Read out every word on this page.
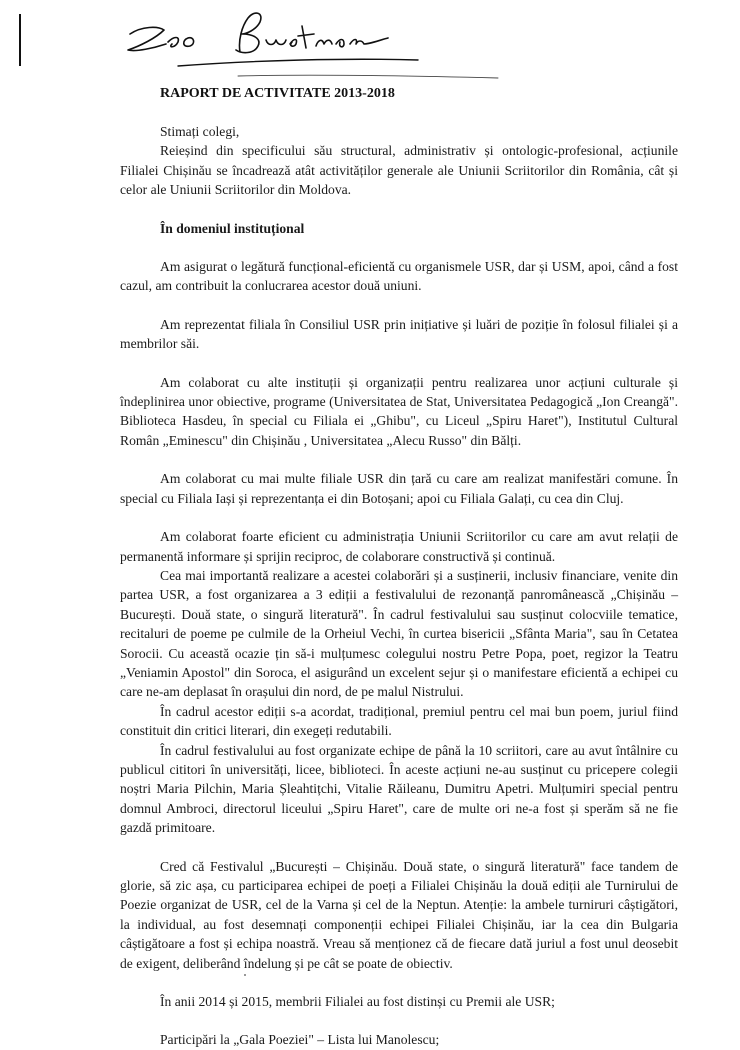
RAPORT DE ACTIVITATE 2013-2018

Stimați colegi,

Reieșind din specificului său structural, administrativ și ontologic-profesional, acțiunile Filialei Chișinău se încadrează atât activităților generale ale Uniunii Scriitorilor din România, cât și celor ale Uniunii Scriitorilor din Moldova.

În domeniul instituțional

Am asigurat o legătură funcțional-eficientă cu organismele USR, dar și USM, apoi, când a fost cazul, am contribuit la conlucrarea acestor două uniuni.

Am reprezentat filiala în Consiliul USR prin inițiative și luări de poziție în folosul filialei și a membrilor săi.

Am colaborat cu alte instituții și organizații pentru realizarea unor acțiuni culturale și îndeplinirea unor obiective, programe (Universitatea de Stat, Universitatea Pedagogică „Ion Creangă". Biblioteca Hasdeu, în special cu Filiala ei „Ghibu", cu Liceul „Spiru Haret"), Institutul Cultural Român „Eminescu" din Chișinău , Universitatea „Alecu Russo" din Bălți.

Am colaborat cu mai multe filiale USR din țară cu care am realizat manifestări comune. În special cu Filiala Iași și reprezentanța ei din Botoșani; apoi cu Filiala Galați, cu cea din Cluj.

Am colaborat foarte eficient cu administrația Uniunii Scriitorilor cu care am avut relații de permanentă informare și sprijin reciproc, de colaborare constructivă și continuă.

Cea mai importantă realizare a acestei colaborări și a susținerii, inclusiv financiare, venite din partea USR, a fost organizarea a 3 ediții a festivalului de rezonanță panromânească „Chișinău – București. Două state, o singură literatură". În cadrul festivalului sau susținut colocviile tematice, recitaluri de poeme pe culmile de la Orheiul Vechi, în curtea bisericii „Sfânta Maria", sau în Cetatea Sorocii. Cu această ocazie țin să-i mulțumesc colegului nostru Petre Popa, poet, regizor la Teatru „Veniamin Apostol" din Soroca, el asigurând un excelent sejur și o manifestare eficientă a echipei cu care ne-am deplasat în orașului din nord, de pe malul Nistrului.

În cadrul acestor ediții s-a acordat, tradițional, premiul pentru cel mai bun poem, juriul fiind constituit din critici literari, din exegeți redutabili.

În cadrul festivalului au fost organizate echipe de până la 10 scriitori, care au avut întâlnire cu publicul cititori în universități, licee, biblioteci. În aceste acțiuni ne-au susținut cu pricepere colegii noștri Maria Pilchin, Maria Șleahtițchi, Vitalie Răileanu, Dumitru Apetri. Mulțumiri special pentru domnul Ambroci, directorul liceului „Spiru Haret", care de multe ori ne-a fost și sperăm să ne fie gazdă primitoare.

Cred că Festivalul „București – Chișinău. Două state, o singură literatură" face tandem de glorie, să zic așa, cu participarea echipei de poeți a Filialei Chișinău la două ediții ale Turnirului de Poezie organizat de USR, cel de la Varna și cel de la Neptun. Atenție: la ambele turniruri câștigători, la individual, au fost desemnați componenții echipei Filialei Chișinău, iar la cea din Bulgaria câștigătoare a fost și echipa noastră. Vreau să menționez că de fiecare dată juriul a fost unul deosebit de exigent, deliberând îndelung și pe cât se poate de obiectiv.

În anii 2014 și 2015, membrii Filialei au fost distinși cu Premii ale USR;

Participări la „Gala Poeziei" – Lista lui Manolescu;
